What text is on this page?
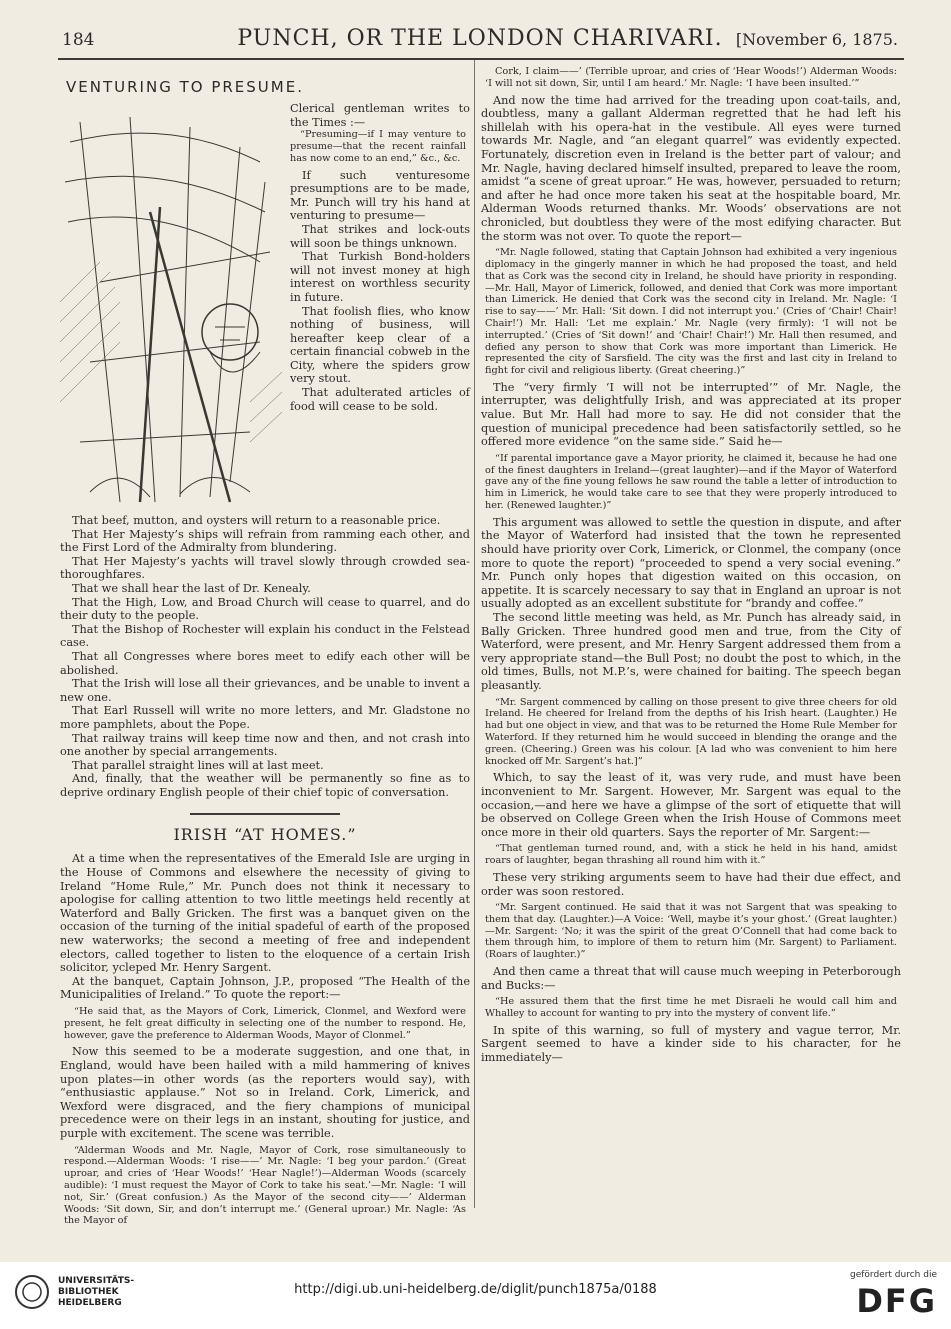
184	PUNCH, OR THE LONDON CHARIVARI. [November 6, 1875.
VENTURING TO PRESUME.

Clerical gentleman writes to the Times :—

“Presuming—if I may venture to presume—that the recent rainfall has now come to an end,” &c., &c.

If such venturesome presumptions are to be made, Mr. Punch will try his hand at venturing to presume—

That strikes and lock-outs will soon be things unknown.

That Turkish Bond-holders will not invest money at high interest on worthless security in future.

That foolish flies, who know nothing of business, will hereafter keep clear of a certain financial cobweb in the City, where the spiders grow very stout.

That adulterated articles of food will cease to be sold.

That beef, mutton, and oysters will return to a reasonable price.

That Her Majesty’s ships will refrain from ramming each other, and the First Lord of the Admiralty from blundering.

That Her Majesty’s yachts will travel slowly through crowded sea-thoroughfares.

That we shall hear the last of Dr. Kenealy.

That the High, Low, and Broad Church will cease to quarrel, and do their duty to the people.

That the Bishop of Rochester will explain his conduct in the Felstead case.

That all Congresses where bores meet to edify each other will be abolished.

That the Irish will lose all their grievances, and be unable to invent a new one.

That Earl Russell will write no more letters, and Mr. Gladstone no more pamphlets, about the Pope.

That railway trains will keep time now and then, and not crash into one another by special arrangements.

That parallel straight lines will at last meet.

And, finally, that the weather will be permanently so fine as to deprive ordinary English people of their chief topic of conversation.

IRISH “AT HOMES.”

At a time when the representatives of the Emerald Isle are urging in the House of Commons and elsewhere the necessity of giving to Ireland “Home Rule,” Mr. Punch does not think it necessary to apologise for calling attention to two little meetings held recently at Waterford and Bally Gricken. The first was a banquet given on the occasion of the turning of the initial spadeful of earth of the proposed new waterworks; the second a meeting of free and independent electors, called together to listen to the eloquence of a certain Irish solicitor, ycleped Mr. Henry Sargent.

At the banquet, Captain Johnson, J.P., proposed “The Health of the Municipalities of Ireland.” To quote the report:—

“He said that, as the Mayors of Cork, Limerick, Clonmel, and Wexford were present, he felt great difficulty in selecting one of the number to respond. He, however, gave the preference to Alderman Woods, Mayor of Clonmel.”

Now this seemed to be a moderate suggestion, and one that, in England, would have been hailed with a mild hammering of knives upon plates—in other words (as the reporters would say), with “enthusiastic applause.” Not so in Ireland. Cork, Limerick, and Wexford were disgraced, and the fiery champions of municipal precedence were on their legs in an instant, shouting for justice, and purple with excitement. The scene was terrible.

“Alderman Woods and Mr. Nagle, Mayor of Cork, rose simultaneously to respond.—Alderman Woods: ‘I rise——’ Mr. Nagle: ‘I beg your pardon.’ (Great uproar, and cries of ‘Hear Woods!’ ‘Hear Nagle!’)—Alderman Woods (scarcely audible): ‘I must request the Mayor of Cork to take his seat.’—Mr. Nagle: ‘I will not, Sir.’ (Great confusion.) As the Mayor of the second city——’ Alderman Woods: ‘Sit down, Sir, and don’t interrupt me.’ (General uproar.) Mr. Nagle: ‘As the Mayor of

Cork, I claim——’ (Terrible uproar, and cries of ‘Hear Woods!’) Alderman Woods: ‘I will not sit down, Sir, until I am heard.’ Mr. Nagle: ‘I have been insulted.’”

And now the time had arrived for the treading upon coat-tails, and, doubtless, many a gallant Alderman regretted that he had left his shillelah with his opera-hat in the vestibule. All eyes were turned towards Mr. Nagle, and “an elegant quarrel” was evidently expected. Fortunately, discretion even in Ireland is the better part of valour; and Mr. Nagle, having declared himself insulted, prepared to leave the room, amidst “a scene of great uproar.” He was, however, persuaded to return; and after he had once more taken his seat at the hospitable board, Mr. Alderman Woods returned thanks. Mr. Woods’ observations are not chronicled, but doubtless they were of the most edifying character. But the storm was not over. To quote the report—

“Mr. Nagle followed, stating that Captain Johnson had exhibited a very ingenious diplomacy in the gingerly manner in which he had proposed the toast, and held that as Cork was the second city in Ireland, he should have priority in responding.—Mr. Hall, Mayor of Limerick, followed, and denied that Cork was more important than Limerick. He denied that Cork was the second city in Ireland. Mr. Nagle: ‘I rise to say——’ Mr. Hall: ‘Sit down. I did not interrupt you.’ (Cries of ‘Chair! Chair! Chair!’) Mr. Hall: ‘Let me explain.’ Mr. Nagle (very firmly): ‘I will not be interrupted.’ (Cries of ‘Sit down!’ and ‘Chair! Chair!’) Mr. Hall then resumed, and defied any person to show that Cork was more important than Limerick. He represented the city of Sarsfield. The city was the first and last city in Ireland to fight for civil and religious liberty. (Great cheering.)”

The “very firmly ‘I will not be interrupted’” of Mr. Nagle, the interrupter, was delightfully Irish, and was appreciated at its proper value. But Mr. Hall had more to say. He did not consider that the question of municipal precedence had been satisfactorily settled, so he offered more evidence “on the same side.” Said he—

“If parental importance gave a Mayor priority, he claimed it, because he had one of the finest daughters in Ireland—(great laughter)—and if the Mayor of Waterford gave any of the fine young fellows he saw round the table a letter of introduction to him in Limerick, he would take care to see that they were properly introduced to her. (Renewed laughter.)”

This argument was allowed to settle the question in dispute, and after the Mayor of Waterford had insisted that the town he represented should have priority over Cork, Limerick, or Clonmel, the company (once more to quote the report) “proceeded to spend a very social evening.” Mr. Punch only hopes that digestion waited on this occasion, on appetite. It is scarcely necessary to say that in England an uproar is not usually adopted as an excellent substitute for “brandy and coffee.”

The second little meeting was held, as Mr. Punch has already said, in Bally Gricken. Three hundred good men and true, from the City of Waterford, were present, and Mr. Henry Sargent addressed them from a very appropriate stand—the Bull Post; no doubt the post to which, in the old times, Bulls, not M.P.’s, were chained for baiting. The speech began pleasantly.

“Mr. Sargent commenced by calling on those present to give three cheers for old Ireland. He cheered for Ireland from the depths of his Irish heart. (Laughter.) He had but one object in view, and that was to be returned the Home Rule Member for Waterford. If they returned him he would succeed in blending the orange and the green. (Cheering.) Green was his colour. [A lad who was convenient to him here knocked off Mr. Sargent’s hat.]”

Which, to say the least of it, was very rude, and must have been inconvenient to Mr. Sargent. However, Mr. Sargent was equal to the occasion,—and here we have a glimpse of the sort of etiquette that will be observed on College Green when the Irish House of Commons meet once more in their old quarters. Says the reporter of Mr. Sargent:—

“That gentleman turned round, and, with a stick he held in his hand, amidst roars of laughter, began thrashing all round him with it.”

These very striking arguments seem to have had their due effect, and order was soon restored.

“Mr. Sargent continued. He said that it was not Sargent that was speaking to them that day. (Laughter.)—A Voice: ‘Well, maybe it’s your ghost.’ (Great laughter.)—Mr. Sargent: ‘No; it was the spirit of the great O’Connell that had come back to them through him, to implore of them to return him (Mr. Sargent) to Parliament. (Roars of laughter.)”

And then came a threat that will cause much weeping in Peterborough and Bucks:—

“He assured them that the first time he met Disraeli he would call him and Whalley to account for wanting to pry into the mystery of convent life.”

In spite of this warning, so full of mystery and vague terror, Mr. Sargent seemed to have a kinder side to his character, for he immediately—

UNIVERSITÄTS-
BIBLIOTHEK
HEIDELBERG
http://digi.ub.uni-heidelberg.de/diglit/punch1875a/0188
gefördert durch die
DFG
